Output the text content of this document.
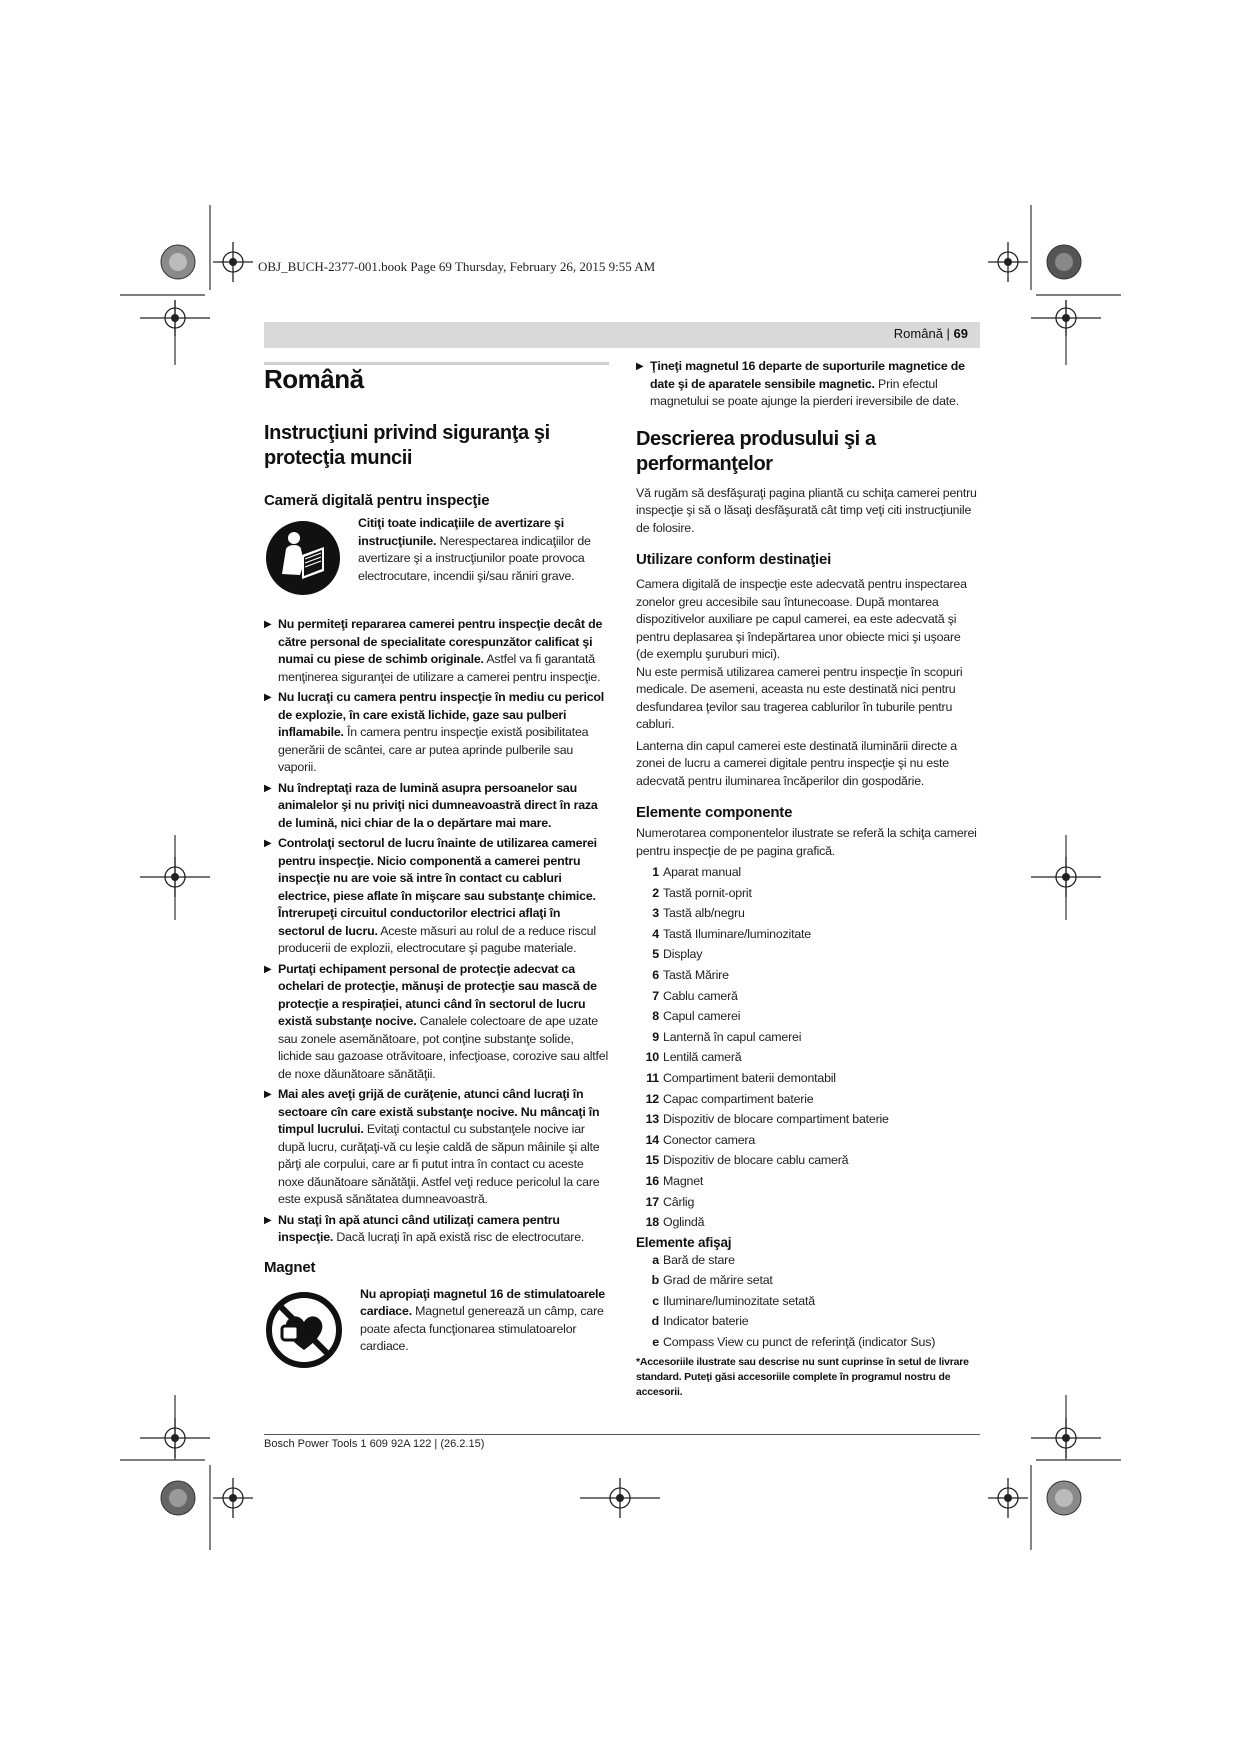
OBJ_BUCH-2377-001.book Page 69 Thursday, February 26, 2015 9:55 AM
Română | 69
Română
Instrucţiuni privind siguranţa şi protecţia muncii
Cameră digitală pentru inspecţie

Citiţi toate indicaţiile de avertizare şi instrucţiunile. Nerespectarea indicaţiilor de avertizare şi a instrucţiunilor poate provoca electrocutare, incendii şi/sau răniri grave.

▶ Nu permiteţi repararea camerei pentru inspecţie decât de către personal de specialitate corespunzător calificat şi numai cu piese de schimb originale. Astfel va fi garantată menţinerea siguranţei de utilizare a camerei pentru inspecţie.
▶ Nu lucraţi cu camera pentru inspecţie în mediu cu pericol de explozie, în care există lichide, gaze sau pulberi inflamabile. În camera pentru inspecţie există posibilitatea generării de scântei, care ar putea aprinde pulberile sau vaporii.
▶ Nu îndreptaţi raza de lumină asupra persoanelor sau animalelor şi nu priviţi nici dumneavoastră direct în raza de lumină, nici chiar de la o depărtare mai mare.
▶ Controlaţi sectorul de lucru înainte de utilizarea camerei pentru inspecţie. Nicio componentă a camerei pentru inspecţie nu are voie să intre în contact cu cabluri electrice, piese aflate în mişcare sau substanţe chimice. Întrerupeţi circuitul conductorilor electrici aflaţi în sectorul de lucru. Aceste măsuri au rolul de a reduce riscul producerii de explozii, electrocutare şi pagube materiale.
▶ Purtaţi echipament personal de protecţie adecvat ca ochelari de protecţie, mănuşi de protecţie sau mască de protecţie a respiraţiei, atunci când în sectorul de lucru există substanţe nocive. Canalele colectoare de ape uzate sau zonele asemănătoare, pot conţine substanţe solide, lichide sau gazoase otrăvitoare, infecţioase, corozive sau altfel de noxe dăunătoare sănătăţii.
▶ Mai ales aveţi grijă de curăţenie, atunci când lucraţi în sectoare cîn care există substanţe nocive. Nu mâncaţi în timpul lucrului. Evitaţi contactul cu substanţele nocive iar după lucru, curăţaţi-vă cu leşie caldă de săpun mâinile şi alte părţi ale corpului, care ar fi putut intra în contact cu aceste noxe dăunătoare sănătăţii. Astfel veţi reduce pericolul la care este expusă sănătatea dumneavoastră.
▶ Nu staţi în apă atunci când utilizaţi camera pentru inspecţie. Dacă lucraţi în apă există risc de electrocutare.
Magnet

Nu apropiaţi magnetul 16 de stimulatoarele cardiace. Magnetul generează un câmp, care poate afecta funcţionarea stimulatoarelor cardiace.

▶ Ţineţi magnetul 16 departe de suporturile magnetice de date şi de aparatele sensibile magnetic. Prin efectul magnetului se poate ajunge la pierderi ireversibile de date.
Descrierea produsului şi a performanţelor

Vă rugăm să desfăşuraţi pagina pliantă cu schiţa camerei pentru inspecţie şi să o lăsaţi desfăşurată cât timp veţi citi instrucţiunile de folosire.

Utilizare conform destinaţiei

Camera digitală de inspecţie este adecvată pentru inspectarea zonelor greu accesibile sau întunecoase. După montarea dispozitivelor auxiliare pe capul camerei, ea este adecvată şi pentru deplasarea şi îndepărtarea unor obiecte mici şi uşoare (de exemplu şuruburi mici).

Nu este permisă utilizarea camerei pentru inspecţie în scopuri medicale. De asemeni, aceasta nu este destinată nici pentru desfundarea ţevilor sau tragerea cablurilor în tuburile pentru cabluri.

Lanterna din capul camerei este destinată iluminării directe a zonei de lucru a camerei digitale pentru inspecţie şi nu este adecvată pentru iluminarea încăperilor din gospodărie.

Elemente componente

Numerotarea componentelor ilustrate se referă la schiţa camerei pentru inspecţie de pe pagina grafică.

1 Aparat manual
2 Tastă pornit-oprit
3 Tastă alb/negru
4 Tastă Iluminare/luminozitate
5 Display
6 Tastă Mărire
7 Cablu cameră
8 Capul camerei
9 Lanternă în capul camerei
10 Lentilă cameră
11 Compartiment baterii demontabil
12 Capac compartiment baterie
13 Dispozitiv de blocare compartiment baterie
14 Conector camera
15 Dispozitiv de blocare cablu cameră
16 Magnet
17 Cârlig
18 Oglindă
Elemente afişaj
a Bară de stare
b Grad de mărire setat
c Iluminare/luminozitate setată
d Indicator baterie
e Compass View cu punct de referinţă (indicator Sus)

*Accesoriile ilustrate sau descrise nu sunt cuprinse în setul de livrare standard. Puteţi găsi accesoriile complete în programul nostru de accesorii.

Bosch Power Tools 1 609 92A 122 | (26.2.15)
